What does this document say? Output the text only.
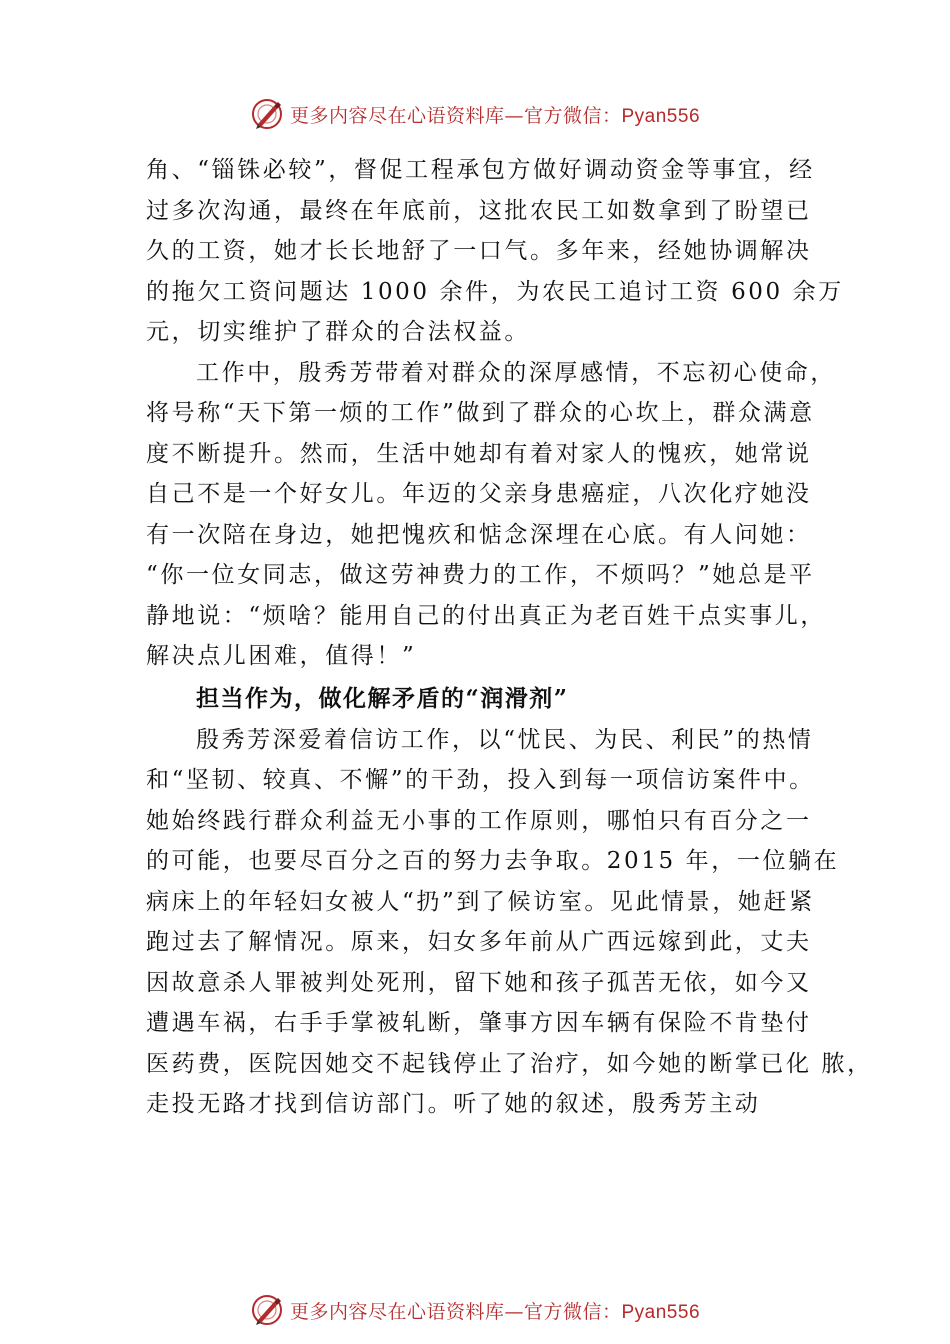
更多内容尽在心语资料库—官方微信：Pyan556
角、“锱铢必较”，督促工程承包方做好调动资金等事宜，经
过多次沟通，最终在年底前，这批农民工如数拿到了盼望已
久的工资，她才长长地舒了一口气。多年来，经她协调解决
的拖欠工资问题达 1000 余件，为农民工追讨工资 600 余万
元，切实维护了群众的合法权益。
工作中，殷秀芳带着对群众的深厚感情，不忘初心使命，
将号称“天下第一烦的工作”做到了群众的心坎上，群众满意
度不断提升。然而，生活中她却有着对家人的愧疚，她常说
自己不是一个好女儿。年迈的父亲身患癌症，八次化疗她没
有一次陪在身边，她把愧疚和惦念深埋在心底。有人问她：
“你一位女同志，做这劳神费力的工作，不烦吗？”她总是平
静地说：“烦啥？能用自己的付出真正为老百姓干点实事儿，
解决点儿困难，值得！”
担当作为，做化解矛盾的“润滑剂”
殷秀芳深爱着信访工作，以“忧民、为民、利民”的热情
和“坚韧、较真、不懈”的干劲，投入到每一项信访案件中。
她始终践行群众利益无小事的工作原则，哪怕只有百分之一
的可能，也要尽百分之百的努力去争取。2015 年，一位躺在
病床上的年轻妇女被人“扔”到了候访室。见此情景，她赶紧
跑过去了解情况。原来，妇女多年前从广西远嫁到此，丈夫
因故意杀人罪被判处死刑，留下她和孩子孤苦无依，如今又
遭遇车祸，右手手掌被轧断，肇事方因车辆有保险不肯垫付
医药费，医院因她交不起钱停止了治疗，如今她的断掌已化 脓，
走投无路才找到信访部门。听了她的叙述，殷秀芳主动
更多内容尽在心语资料库—官方微信：Pyan556
